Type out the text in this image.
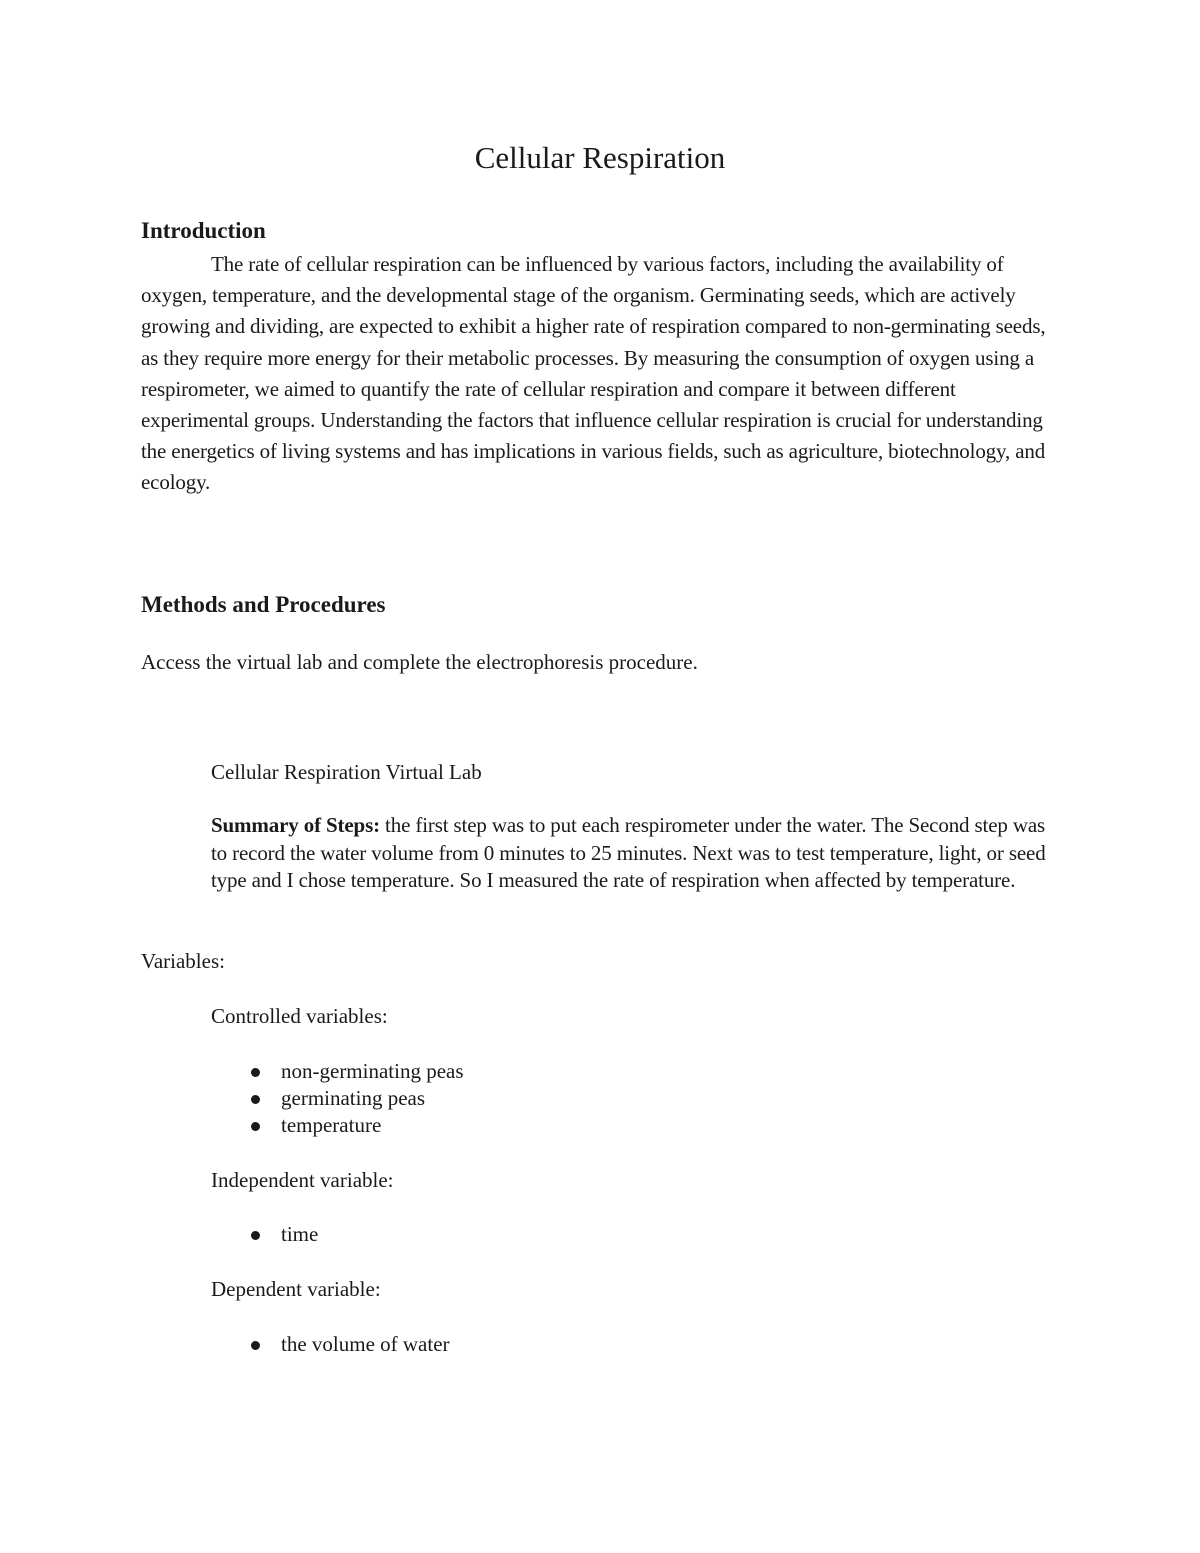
Cellular Respiration
Introduction

The rate of cellular respiration can be influenced by various factors, including the availability of oxygen, temperature, and the developmental stage of the organism. Germinating seeds, which are actively growing and dividing, are expected to exhibit a higher rate of respiration compared to non-germinating seeds, as they require more energy for their metabolic processes. By measuring the consumption of oxygen using a respirometer, we aimed to quantify the rate of cellular respiration and compare it between different experimental groups. Understanding the factors that influence cellular respiration is crucial for understanding the energetics of living systems and has implications in various fields, such as agriculture, biotechnology, and ecology.

Methods and Procedures

Access the virtual lab and complete the electrophoresis procedure.

Cellular Respiration Virtual Lab

Summary of Steps: the first step was to put each respirometer under the water. The Second step was to record the water volume from 0 minutes to 25 minutes. Next was to test temperature, light, or seed type and I chose temperature. So I measured the rate of respiration when affected by temperature.

Variables:

Controlled variables:

non-germinating peas
germinating peas
temperature

Independent variable:

time

Dependent variable:

the volume of water
